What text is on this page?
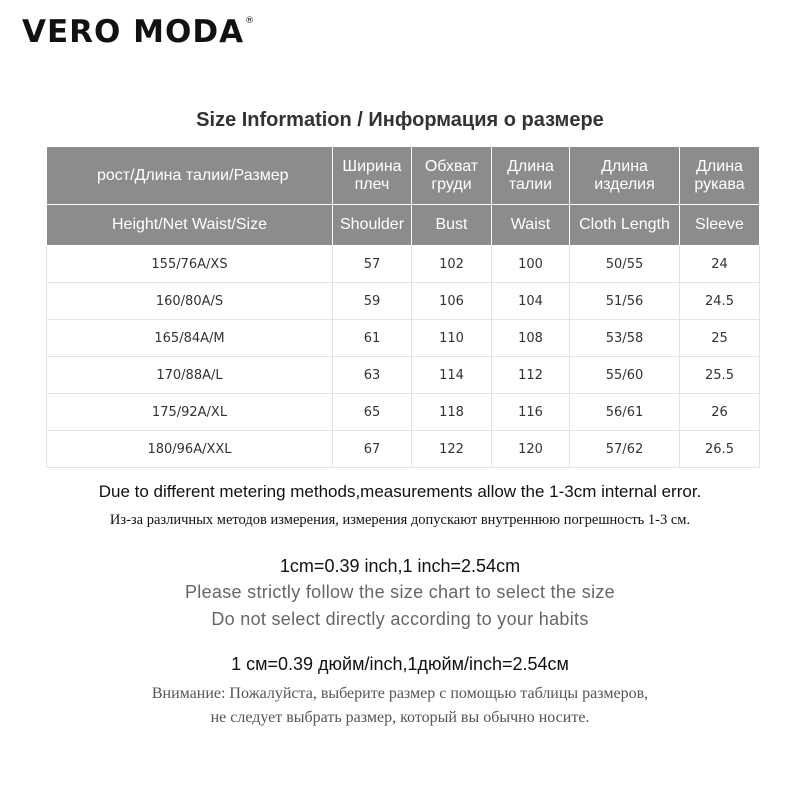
VERO MODA®
Size Information / Информация о размере
рост/Длина талии/Размер	Ширина плеч	Обхват груди	Длина талии	Длина изделия	Длина рукава
Height/Net Waist/Size	Shoulder	Bust	Waist	Cloth Length	Sleeve
155/76A/XS	57	102	100	50/55	24
160/80A/S	59	106	104	51/56	24.5
165/84A/M	61	110	108	53/58	25
170/88A/L	63	114	112	55/60	25.5
175/92A/XL	65	118	116	56/61	26
180/96A/XXL	67	122	120	57/62	26.5

Due to different metering methods,measurements allow the 1-3cm internal error.

Из-за различных методов измерения, измерения допускают внутреннюю погрешность 1-3 см.

1cm=0.39 inch,1 inch=2.54cm

Please strictly follow the size chart to select the size

Do not select directly according to your habits

1 см=0.39 дюйм/inch,1дюйм/inch=2.54см

Внимание: Пожалуйста, выберите размер с помощью таблицы размеров,

не следует выбрать размер, который вы обычно носите.
